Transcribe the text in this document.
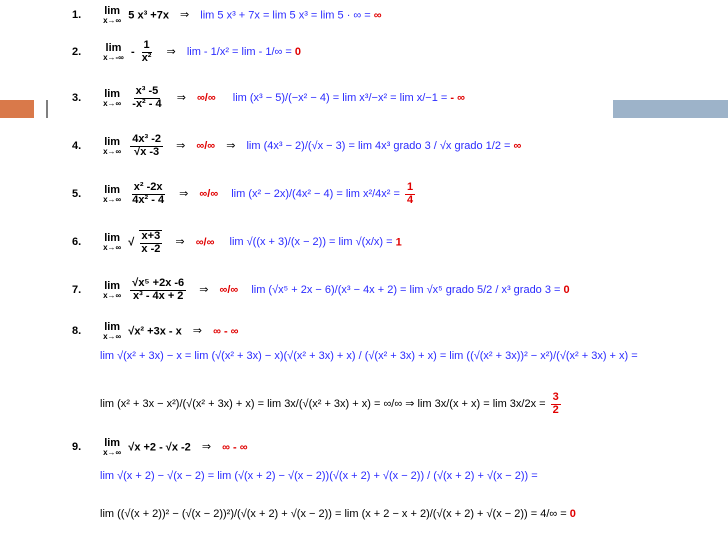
1. lim
x→∞ 5 x³ +7x ⇒ lim 5 x³ + 7x = lim 5 x³ = lim 5 · ∞ = ∞
2. lim
$x\to-\infty - \frac{1}{\text{x²}}$ ⇒ lim - 1/x² = lim - 1/∞ = 0
3. lim
x→∞
$\frac{\text{x³ -5}}{\text{-x² - 4}}$ ⇒ ∞/∞ lim (x³ − 5)/(−x² − 4) = lim x³/−x² = lim x/−1 = - ∞
4. lim
x→∞
$\frac{\text{4x³ -2}}{√x -3}$ ⇒ ∞/∞ ⇒ lim (4x³ − 2)/(√x − 3) = lim 4x³ grado 3 / √x grado 1/2 = ∞
5. lim
x→∞
$\frac{\text{x² -2x}}{\text{4x² - 4}}$ ⇒ ∞/∞ $\lim (x^2 - 2x)/(4x^2 - 4) = \lim x^2/4x^2 = \frac{1}{4}$
6. lim
x→∞ √ $\frac{x+3}{x -2}$ ⇒ ∞/∞ lim √((x + 3)/(x − 2)) = lim √(x/x) = 1
7. lim
x→∞
$\frac{\text{√x⁵ +2x -6}}{\text{x³ - 4x + 2}}$ ⇒ ∞/∞ lim (√x⁵ + 2x − 6)/(x³ − 4x + 2) = lim √x⁵ grado 5/2 / x³ grado 3 = 0
8. lim
x→∞ √x² +3x - x ⇒ ∞ - ∞
lim √(x² + 3x) − x = lim (√(x² + 3x) − x)(√(x² + 3x) + x) / (√(x² + 3x) + x) = lim ((√(x² + 3x))² − x²)/(√(x² + 3x) + x) =
lim (x² + 3x − x²)/(√(x² + 3x) + x) = lim 3x/(√(x² + 3x) + x) = ∞/∞ ⇒ $\lim 3x/(x + x) = \lim 3x/2x = \frac{3}{2}$
9. lim
x→∞ √x +2 - √x -2 ⇒ ∞ - ∞
lim √(x + 2) − √(x − 2) = lim (√(x + 2) − √(x − 2))(√(x + 2) + √(x − 2)) / (√(x + 2) + √(x − 2)) =
lim ((√(x + 2))² − (√(x − 2))²)/(√(x + 2) + √(x − 2)) = lim (x + 2 − x + 2)/(√(x + 2) + √(x − 2)) = 4/∞ = 0
